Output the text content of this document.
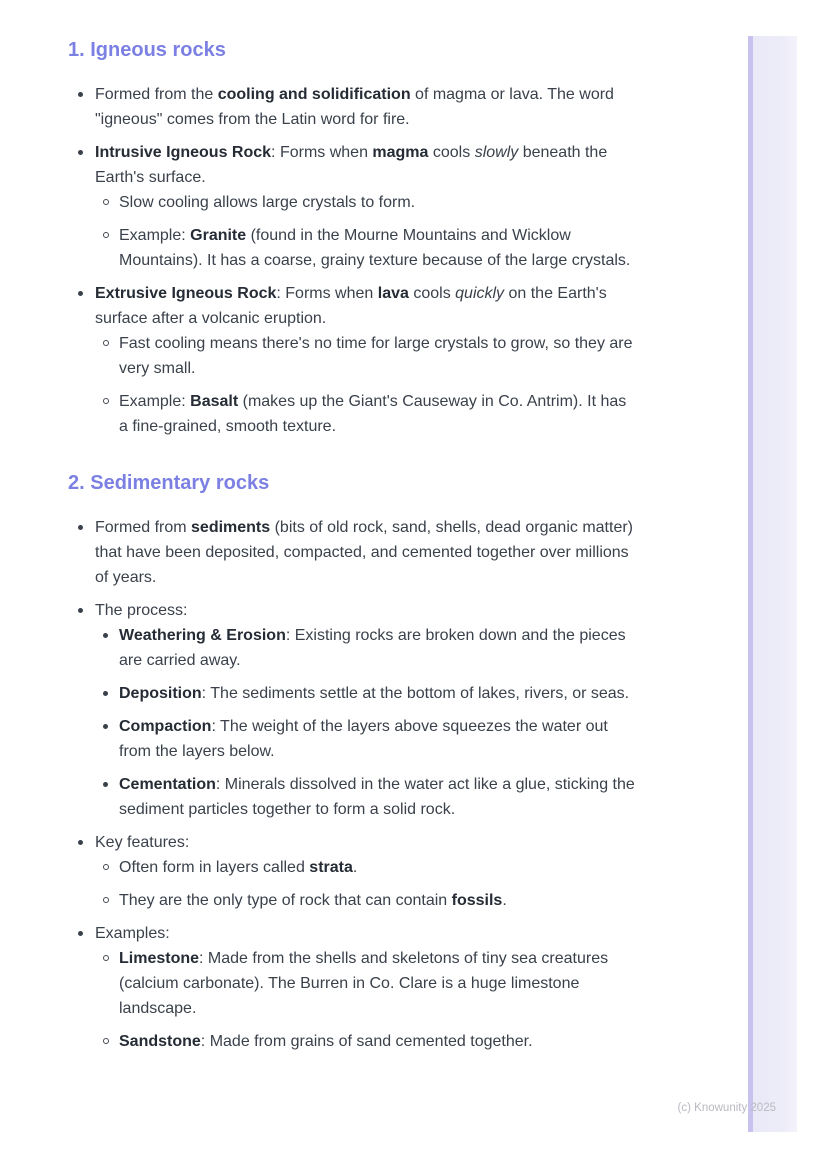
1. Igneous rocks
Formed from the cooling and solidification of magma or lava. The word "igneous" comes from the Latin word for fire.
Intrusive Igneous Rock: Forms when magma cools slowly beneath the Earth's surface.
Slow cooling allows large crystals to form.
Example: Granite (found in the Mourne Mountains and Wicklow Mountains). It has a coarse, grainy texture because of the large crystals.
Extrusive Igneous Rock: Forms when lava cools quickly on the Earth's surface after a volcanic eruption.
Fast cooling means there's no time for large crystals to grow, so they are very small.
Example: Basalt (makes up the Giant's Causeway in Co. Antrim). It has a fine-grained, smooth texture.
2. Sedimentary rocks
Formed from sediments (bits of old rock, sand, shells, dead organic matter) that have been deposited, compacted, and cemented together over millions of years.
The process:
Weathering & Erosion: Existing rocks are broken down and the pieces are carried away.
Deposition: The sediments settle at the bottom of lakes, rivers, or seas.
Compaction: The weight of the layers above squeezes the water out from the layers below.
Cementation: Minerals dissolved in the water act like a glue, sticking the sediment particles together to form a solid rock.
Key features:
Often form in layers called strata.
They are the only type of rock that can contain fossils.
Examples:
Limestone: Made from the shells and skeletons of tiny sea creatures (calcium carbonate). The Burren in Co. Clare is a huge limestone landscape.
Sandstone: Made from grains of sand cemented together.
(c) Knowunity 2025
